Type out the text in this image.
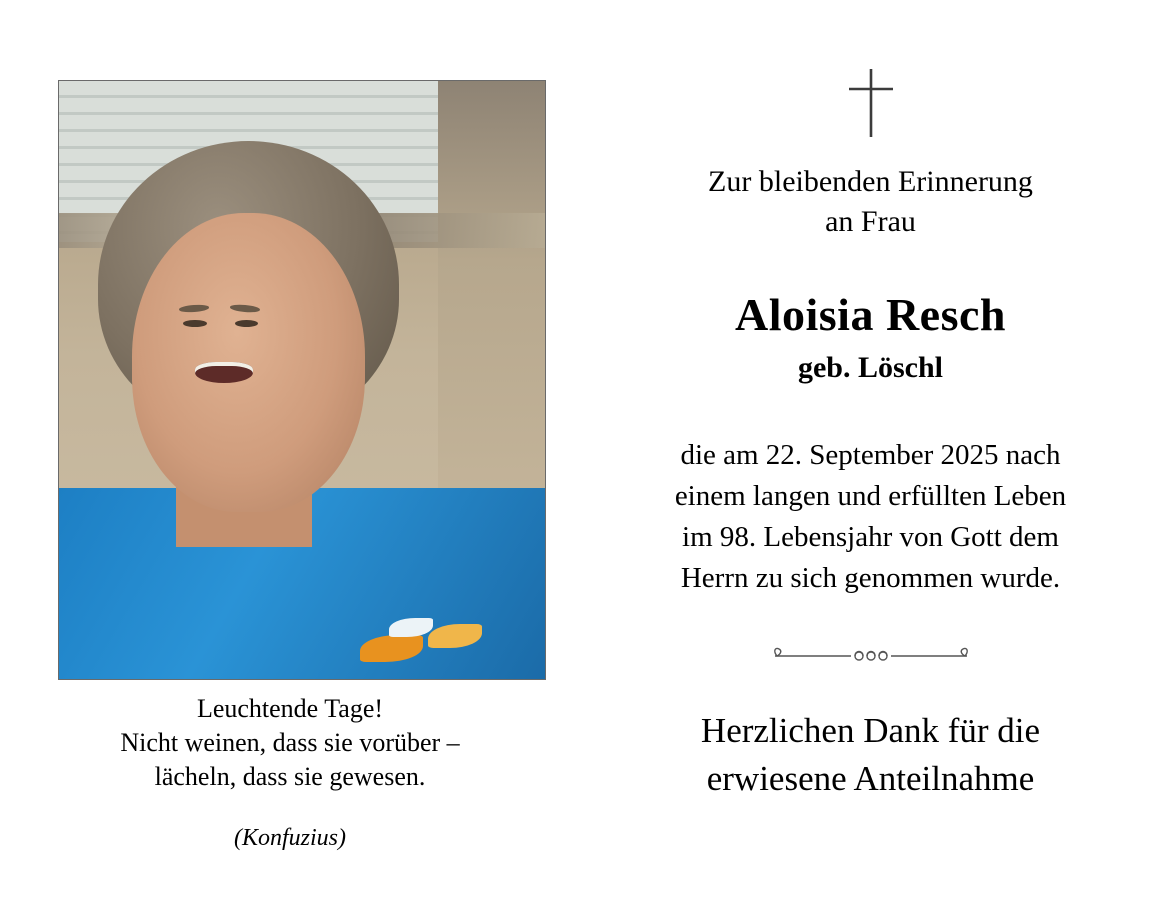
Leuchtende Tage!
Nicht weinen, dass sie vorüber –
lächeln, dass sie gewesen.
(Konfuzius)
Zur bleibenden Erinnerung
an Frau
Aloisia Resch
geb. Löschl
die am 22. September 2025 nach
einem langen und erfüllten Leben
im 98. Lebensjahr von Gott dem
Herrn zu sich genommen wurde.
Herzlichen Dank für die
erwiesene Anteilnahme
